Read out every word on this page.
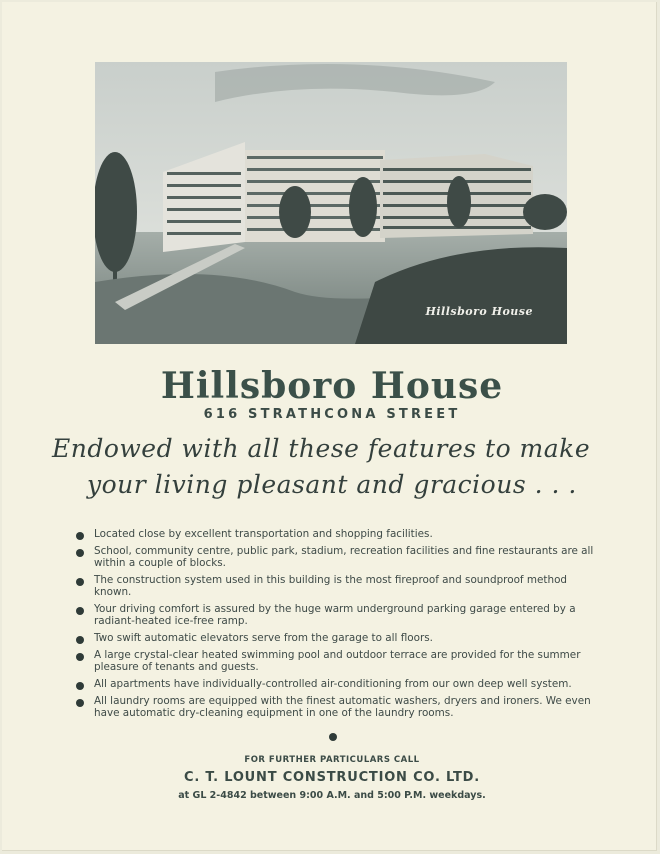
Hillsboro House
Hillsboro House
616 STRATHCONA STREET
Endowed with all these features to make
your living pleasant and gracious . . .
Located close by excellent transportation and shopping facilities.
School, community centre, public park, stadium, recreation facilities and fine restaurants are all within a couple of blocks.
The construction system used in this building is the most fireproof and soundproof method known.
Your driving comfort is assured by the huge warm underground parking garage entered by a radiant-heated ice-free ramp.
Two swift automatic elevators serve from the garage to all floors.
A large crystal-clear heated swimming pool and outdoor terrace are provided for the summer pleasure of tenants and guests.
All apartments have individually-controlled air-conditioning from our own deep well system.
All laundry rooms are equipped with the finest automatic washers, dryers and ironers. We even have automatic dry-cleaning equipment in one of the laundry rooms.
FOR FURTHER PARTICULARS CALL
C. T. LOUNT CONSTRUCTION CO. LTD.
at GL 2-4842 between 9:00 A.M. and 5:00 P.M. weekdays.
